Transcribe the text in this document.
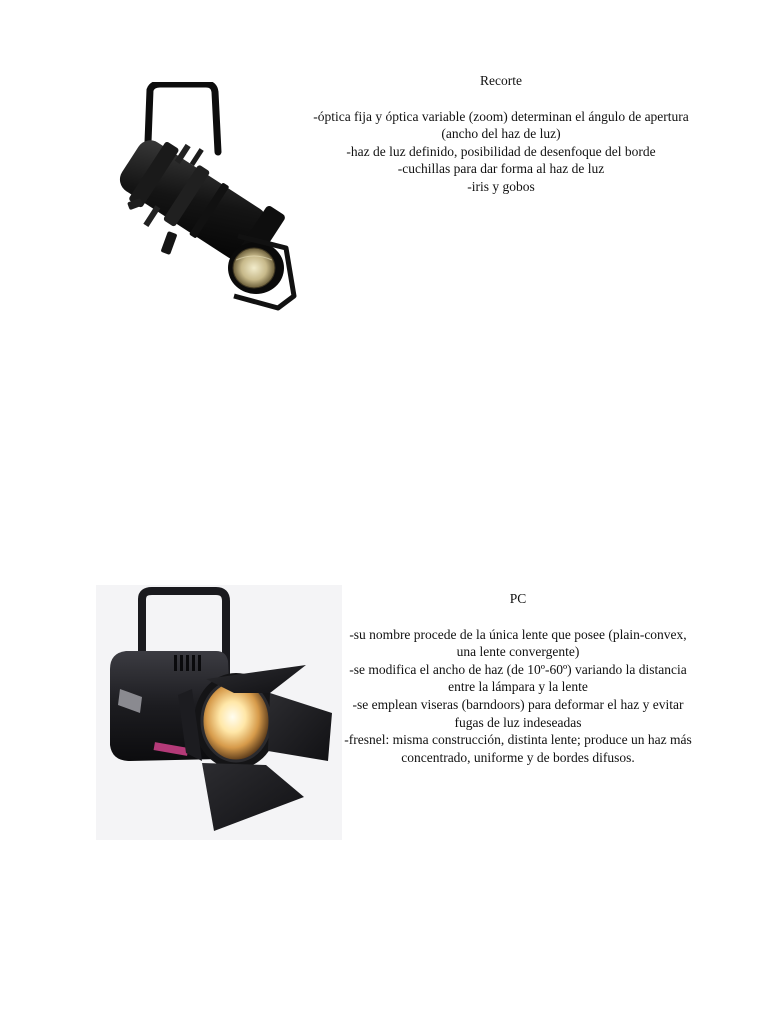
Recorte
-óptica fija y óptica variable (zoom) determinan el ángulo de apertura (ancho del haz de luz)
-haz de luz definido, posibilidad de desenfoque del borde
-cuchillas para dar forma al haz de luz
-iris y gobos
PC
-su nombre procede de la única lente que posee (plain-convex, una lente convergente)
-se modifica el ancho de haz (de 10º-60º) variando la distancia entre la lámpara y la lente
-se emplean viseras (barndoors) para deformar el haz y evitar fugas de luz indeseadas
-fresnel: misma construcción, distinta lente; produce un haz más concentrado, uniforme y de bordes difusos.
